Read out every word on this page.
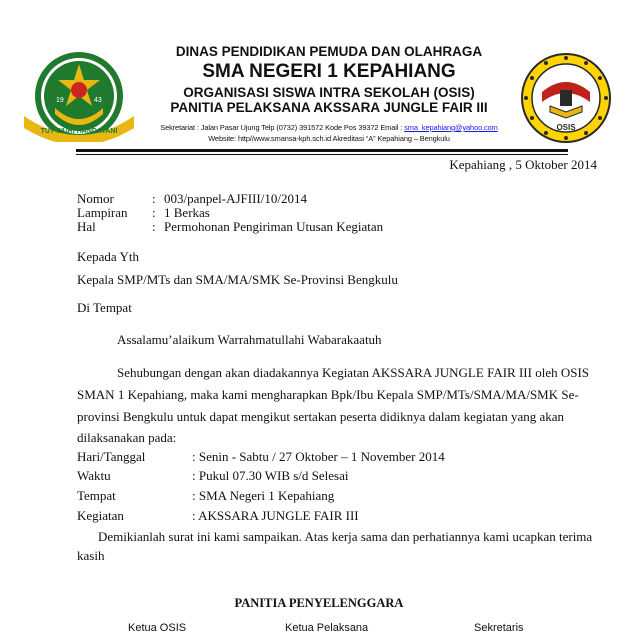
19	43
TUT WURI HANDAYANI	OSIS
DINAS PENDIDIKAN PEMUDA DAN OLAHRAGA
SMA NEGERI 1 KEPAHIANG
ORGANISASI SISWA INTRA SEKOLAH (OSIS)
PANITIA PELAKSANA AKSSARA JUNGLE FAIR III
Sekretariat : Jalan Pasar Ujung Telp (0732) 391572 Kode Pos 39372 Email : sma_kepahiang@yahoo.com
Website: http//www.smansa-kph.sch.id Akreditasi “A” Kepahiang – Bengkulu
Kepahiang , 5 Oktober 2014
Nomor	: 003/panpel-AJFIII/10/2014
Lampiran : 1 Berkas
Hal	: Permohonan Pengiriman Utusan Kegiatan
Kepada Yth
Kepala SMP/MTs dan SMA/MA/SMK Se-Provinsi Bengkulu
Di Tempat
Assalamu’alaikum Warrahmatullahi Wabarakaatuh
Sehubungan dengan akan diadakannya Kegiatan AKSSARA JUNGLE FAIR III oleh OSIS
SMAN 1 Kepahiang, maka kami mengharapkan Bpk/Ibu Kepala SMP/MTs/SMA/MA/SMK Se-
provinsi Bengkulu untuk dapat mengikut sertakan peserta didiknya dalam kegiatan yang akan
dilaksanakan pada:
Hari/Tanggal	: Senin - Sabtu / 27 Oktober – 1 November 2014
Waktu	: Pukul 07.30 WIB s/d Selesai
Tempat	: SMA Negeri 1 Kepahiang
Kegiatan	: AKSSARA JUNGLE FAIR III
Demikianlah surat ini kami sampaikan. Atas kerja sama dan perhatiannya kami ucapkan terima
kasih
PANITIA PENYELENGGARA
Ketua OSIS	Ketua Pelaksana	Sekretaris
